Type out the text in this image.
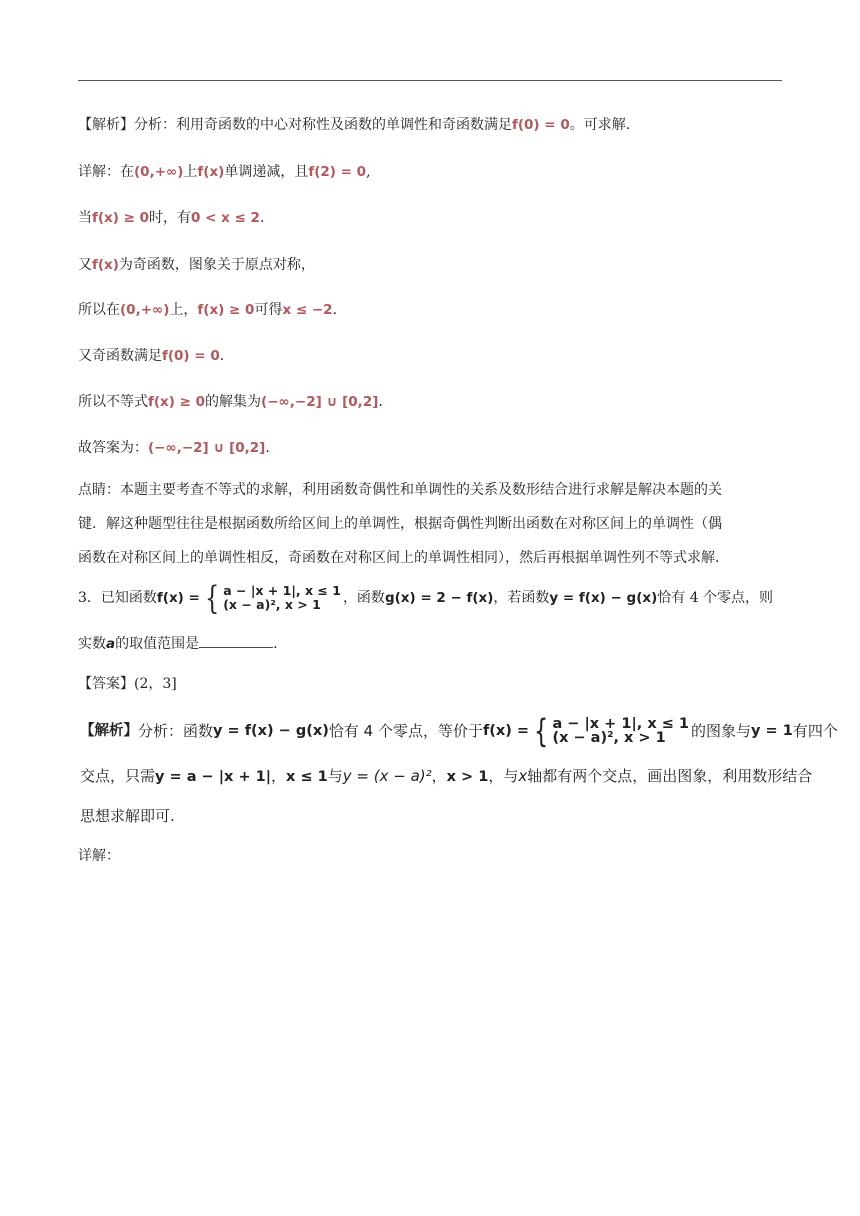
【解析】分析：利用奇函数的中心对称性及函数的单调性和奇函数满足f(0) = 0。可求解.
详解：在(0,+∞)上f(x)单调递减，且f(2) = 0,
当f(x) ≥ 0时，有0 < x ≤ 2.
又f(x)为奇函数，图象关于原点对称，
所以在(0,+∞)上，f(x) ≥ 0可得x ≤ −2.
又奇函数满足f(0) = 0.
所以不等式f(x) ≥ 0的解集为(−∞,−2] ∪ [0,2].
故答案为：(−∞,−2] ∪ [0,2].
点睛：本题主要考查不等式的求解，利用函数奇偶性和单调性的关系及数形结合进行求解是解决本题的关
键．解这种题型往往是根据函数所给区间上的单调性，根据奇偶性判断出函数在对称区间上的单调性（偶
函数在对称区间上的单调性相反，奇函数在对称区间上的单调性相同），然后再根据单调性列不等式求解.
3．已知函数 f(x) = { a − |x + 1|, x ≤ 1
(x − a)², x > 1	，函数 g(x) = 2 − f(x) ，若函数 y = f(x) − g(x) 恰有 4 个零点，则
实数a的取值范围是	.
【答案】(2，3]
【解析】 分析：函数 y = f(x) − g(x) 恰有 4 个零点，等价于 f(x) = { a − |x + 1|, x ≤ 1
(x − a)², x > 1	的图象与 y = 1 有四个
交点，只需y = a − |x + 1|，x ≤ 1与y = (x − a)²，x > 1，与x轴都有两个交点，画出图象，利用数形结合
思想求解即可.
详解：
